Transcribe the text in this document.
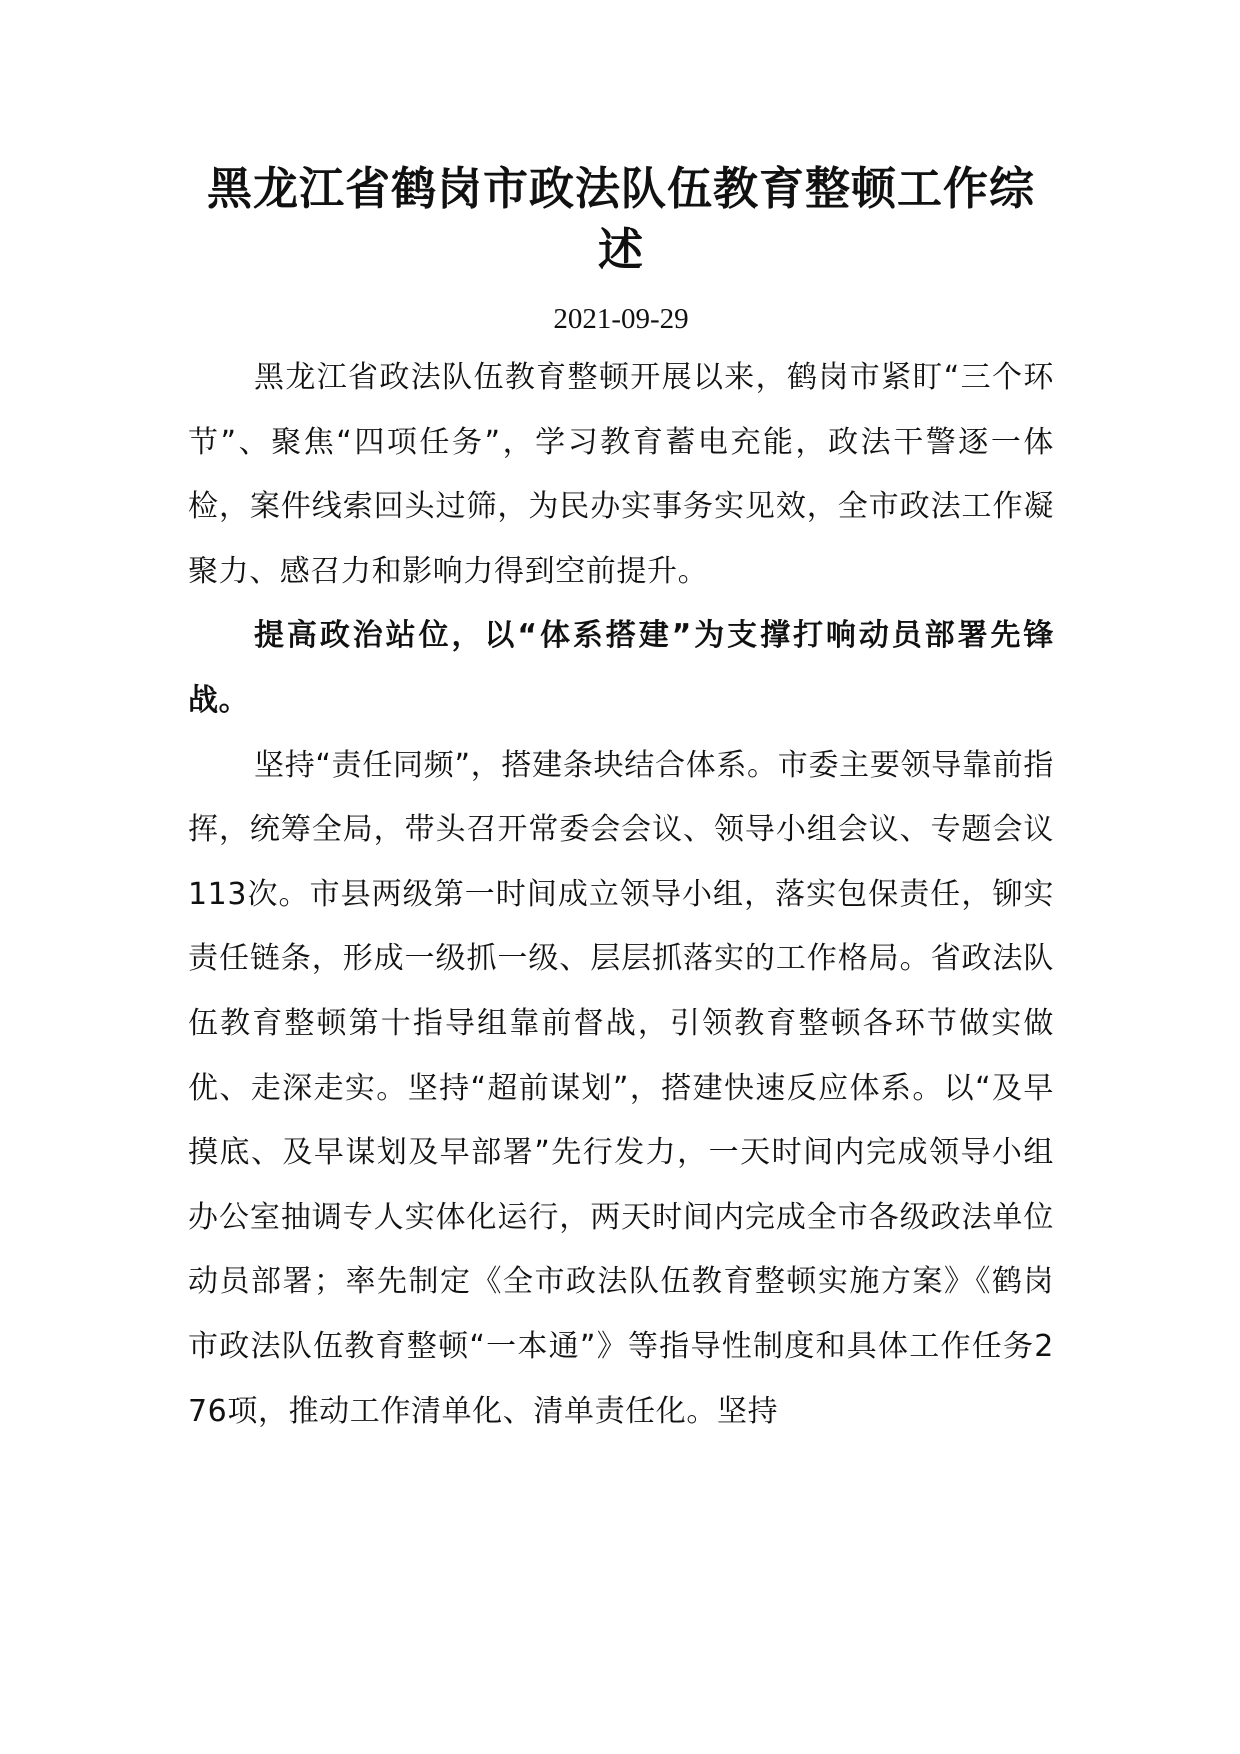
黑龙江省鹤岗市政法队伍教育整顿工作综述
2021-09-29

黑龙江省政法队伍教育整顿开展以来，鹤岗市紧盯“三个环节”、聚焦“四项任务”，学习教育蓄电充能，政法干警逐一体检，案件线索回头过筛，为民办实事务实见效，全市政法工作凝聚力、感召力和影响力得到空前提升。

提高政治站位，以“体系搭建”为支撑打响动员部署先锋战。

坚持“责任同频”，搭建条块结合体系。市委主要领导靠前指挥，统筹全局，带头召开常委会会议、领导小组会议、专题会议113次。市县两级第一时间成立领导小组，落实包保责任，铆实责任链条，形成一级抓一级、层层抓落实的工作格局。省政法队伍教育整顿第十指导组靠前督战，引领教育整顿各环节做实做优、走深走实。坚持“超前谋划”，搭建快速反应体系。以“及早摸底、及早谋划及早部署”先行发力，一天时间内完成领导小组办公室抽调专人实体化运行，两天时间内完成全市各级政法单位动员部署；率先制定《全市政法队伍教育整顿实施方案》《鹤岗市政法队伍教育整顿“一本通”》等指导性制度和具体工作任务276项，推动工作清单化、清单责任化。坚持
